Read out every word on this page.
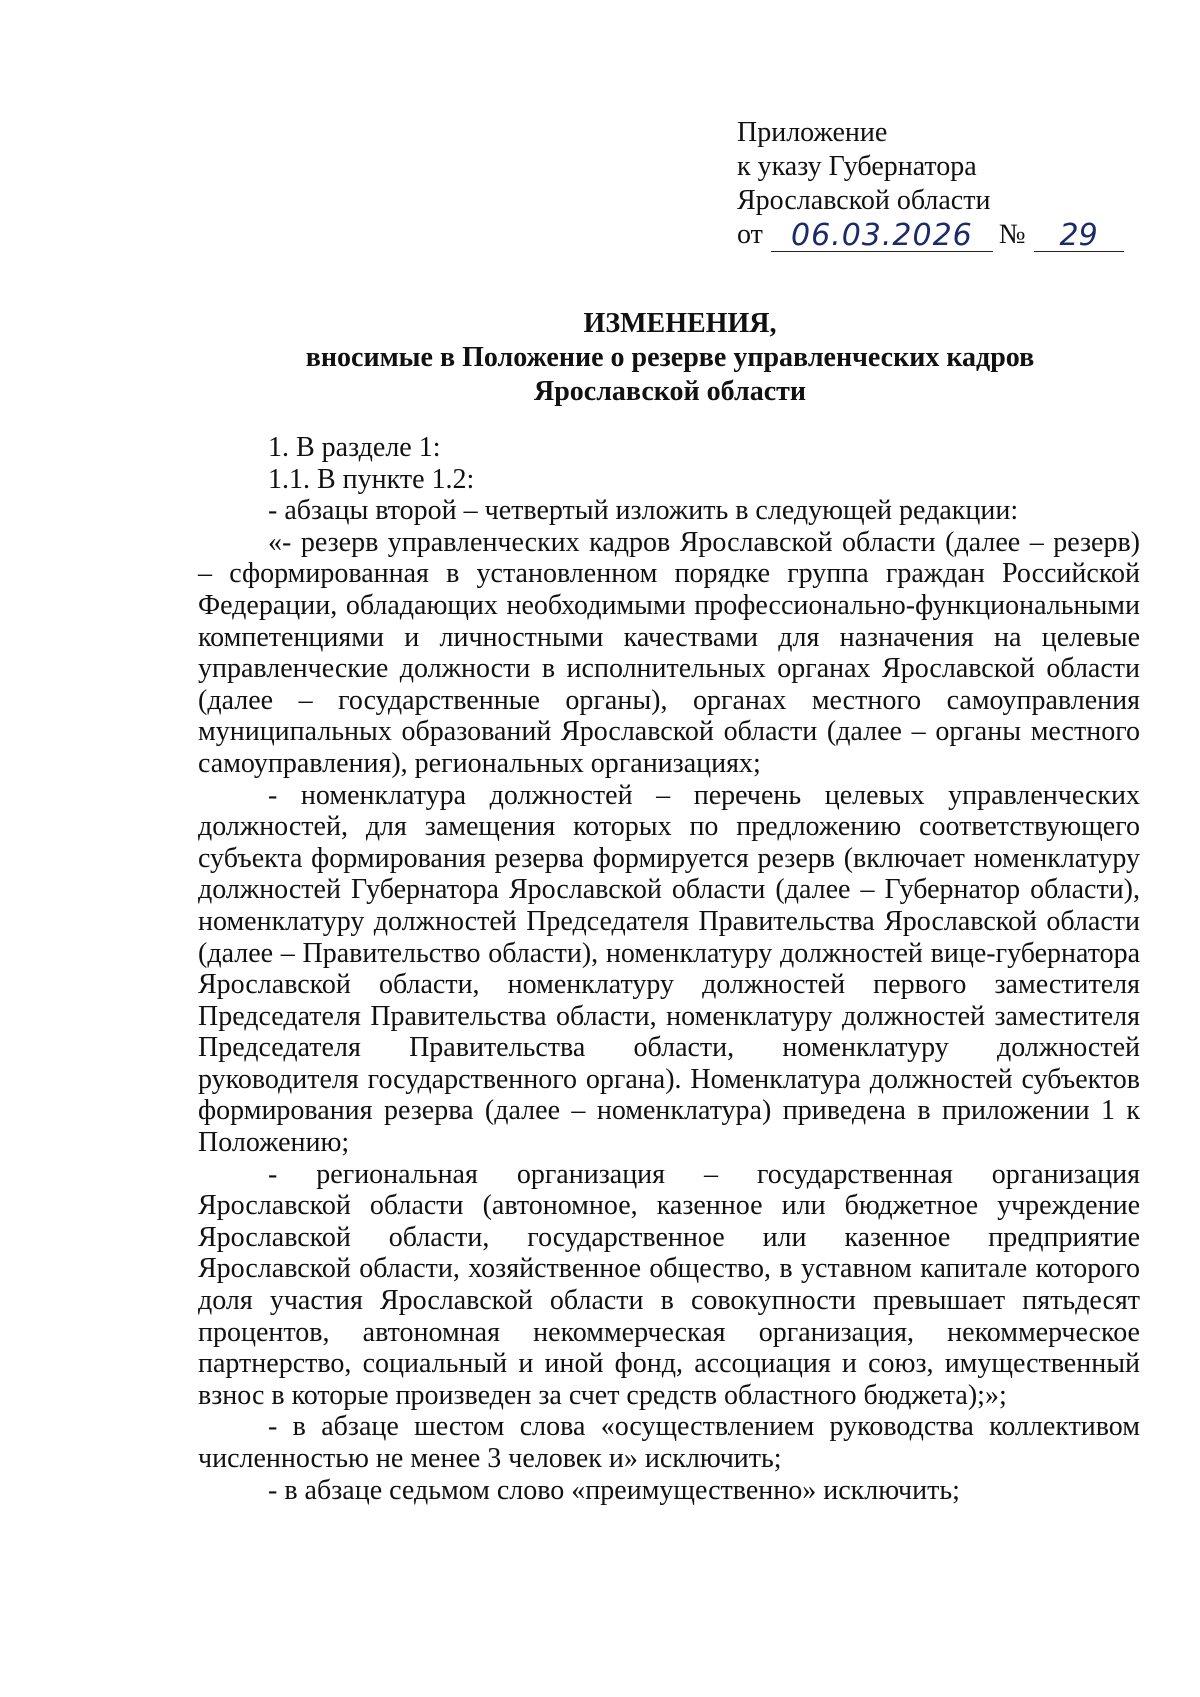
Приложение
к указу Губернатора
Ярославской области
от 06.03.2026 №	29
ИЗМЕНЕНИЯ,
вносимые в Положение о резерве управленческих кадров
Ярославской области

1. В разделе 1:

1.1. В пункте 1.2:

- абзацы второй – четвертый изложить в следующей редакции:

«- резерв управленческих кадров Ярославской области (далее – резерв) – сформированная в установленном порядке группа граждан Российской Федерации, обладающих необходимыми профессионально-функциональными компетенциями и личностными качествами для назначения на целевые управленческие должности в исполнительных органах Ярославской области (далее – государственные органы), органах местного самоуправления муниципальных образований Ярославской области (далее – органы местного самоуправления), региональных организациях;

- номенклатура должностей – перечень целевых управленческих должностей, для замещения которых по предложению соответствующего субъекта формирования резерва формируется резерв (включает номенклатуру должностей Губернатора Ярославской области (далее – Губернатор области), номенклатуру должностей Председателя Правительства Ярославской области (далее – Правительство области), номенклатуру должностей вице-губернатора Ярославской области, номенклатуру должностей первого заместителя Председателя Правительства области, номенклатуру должностей заместителя Председателя Правительства области, номенклатуру должностей руководителя государственного органа). Номенклатура должностей субъектов формирования резерва (далее – номенклатура) приведена в приложении 1 к Положению;

- региональная организация – государственная организация Ярославской области (автономное, казенное или бюджетное учреждение Ярославской области, государственное или казенное предприятие Ярославской области, хозяйственное общество, в уставном капитале которого доля участия Ярославской области в совокупности превышает пятьдесят процентов, автономная некоммерческая организация, некоммерческое партнерство, социальный и иной фонд, ассоциация и союз, имущественный взнос в которые произведен за счет средств областного бюджета);»;

- в абзаце шестом слова «осуществлением руководства коллективом численностью не менее 3 человек и» исключить;

- в абзаце седьмом слово «преимущественно» исключить;
